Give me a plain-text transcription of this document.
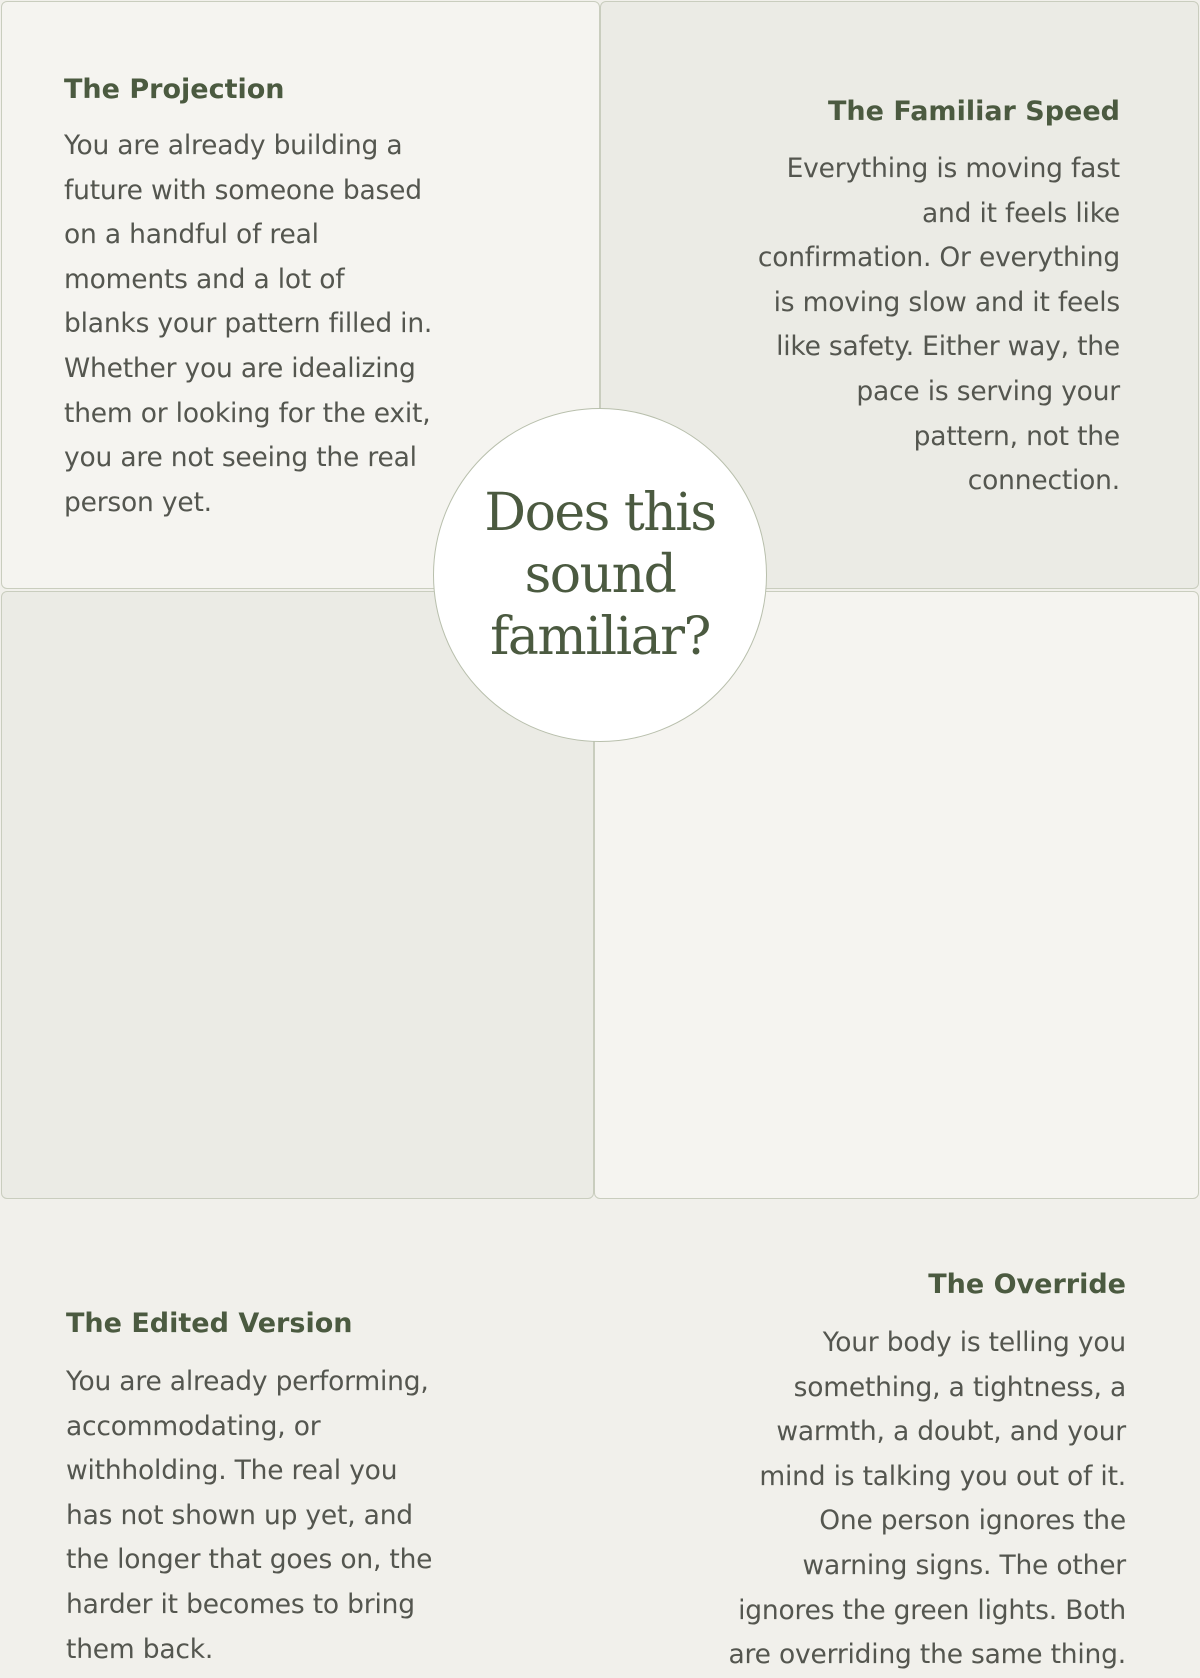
The Projection
You are already building a
future with someone based
on a handful of real
moments and a lot of
blanks your pattern filled in.
Whether you are idealizing
them or looking for the exit,
you are not seeing the real
person yet.
The Familiar Speed
Everything is moving fast
and it feels like
confirmation. Or everything
is moving slow and it feels
like safety. Either way, the
pace is serving your
pattern, not the
connection.
The Edited Version
You are already performing,
accommodating, or
withholding. The real you
has not shown up yet, and
the longer that goes on, the
harder it becomes to bring
them back.
The Override
Your body is telling you
something, a tightness, a
warmth, a doubt, and your
mind is talking you out of it.
One person ignores the
warning signs. The other
ignores the green lights. Both
are overriding the same thing.
Does this
sound
familiar?
